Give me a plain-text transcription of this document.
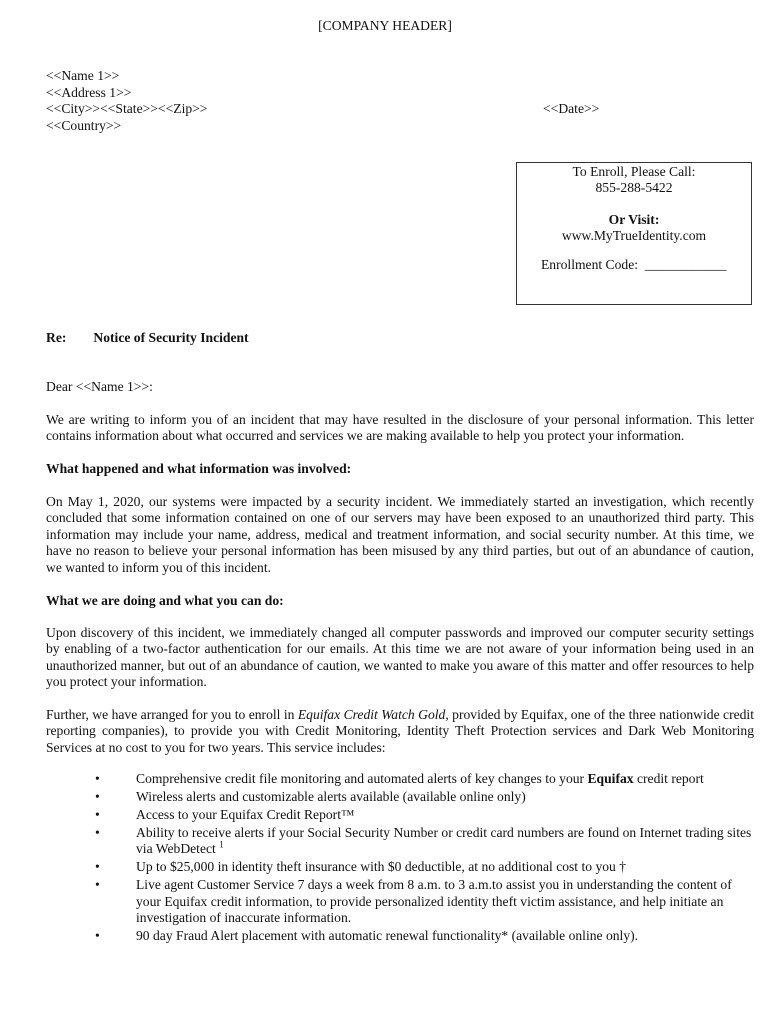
[COMPANY HEADER]
<<Name 1>>
<<Address 1>>
<<City>><<State>><<Zip>>
<<Country>>
<<Date>>
To Enroll, Please Call:
855-288-5422
Or Visit:
www.MyTrueIdentity.com
Enrollment Code: ____________
Re: Notice of Security Incident
Dear <<Name 1>>:
We are writing to inform you of an incident that may have resulted in the disclosure of your personal information. This letter contains information about what occurred and services we are making available to help you protect your information.
What happened and what information was involved:
On May 1, 2020, our systems were impacted by a security incident. We immediately started an investigation, which recently concluded that some information contained on one of our servers may have been exposed to an unauthorized third party. This information may include your name, address, medical and treatment information, and social security number. At this time, we have no reason to believe your personal information has been misused by any third parties, but out of an abundance of caution, we wanted to inform you of this incident.
What we are doing and what you can do:
Upon discovery of this incident, we immediately changed all computer passwords and improved our computer security settings by enabling of a two-factor authentication for our emails. At this time we are not aware of your information being used in an unauthorized manner, but out of an abundance of caution, we wanted to make you aware of this matter and offer resources to help you protect your information.
Further, we have arranged for you to enroll in Equifax Credit Watch Gold, provided by Equifax, one of the three nationwide credit reporting companies), to provide you with Credit Monitoring, Identity Theft Protection services and Dark Web Monitoring Services at no cost to you for two years. This service includes:
•	Comprehensive credit file monitoring and automated alerts of key changes to your Equifax credit report
•	Wireless alerts and customizable alerts available (available online only)
•	Access to your Equifax Credit Report™
•	Ability to receive alerts if your Social Security Number or credit card numbers are found on Internet trading sites via WebDetect $^1$
•	Up to $25,000 in identity theft insurance with $0 deductible, at no additional cost to you †
•	Live agent Customer Service 7 days a week from 8 a.m. to 3 a.m.to assist you in understanding the content of your Equifax credit information, to provide personalized identity theft victim assistance, and help initiate an investigation of inaccurate information.
•	90 day Fraud Alert placement with automatic renewal functionality* (available online only).
